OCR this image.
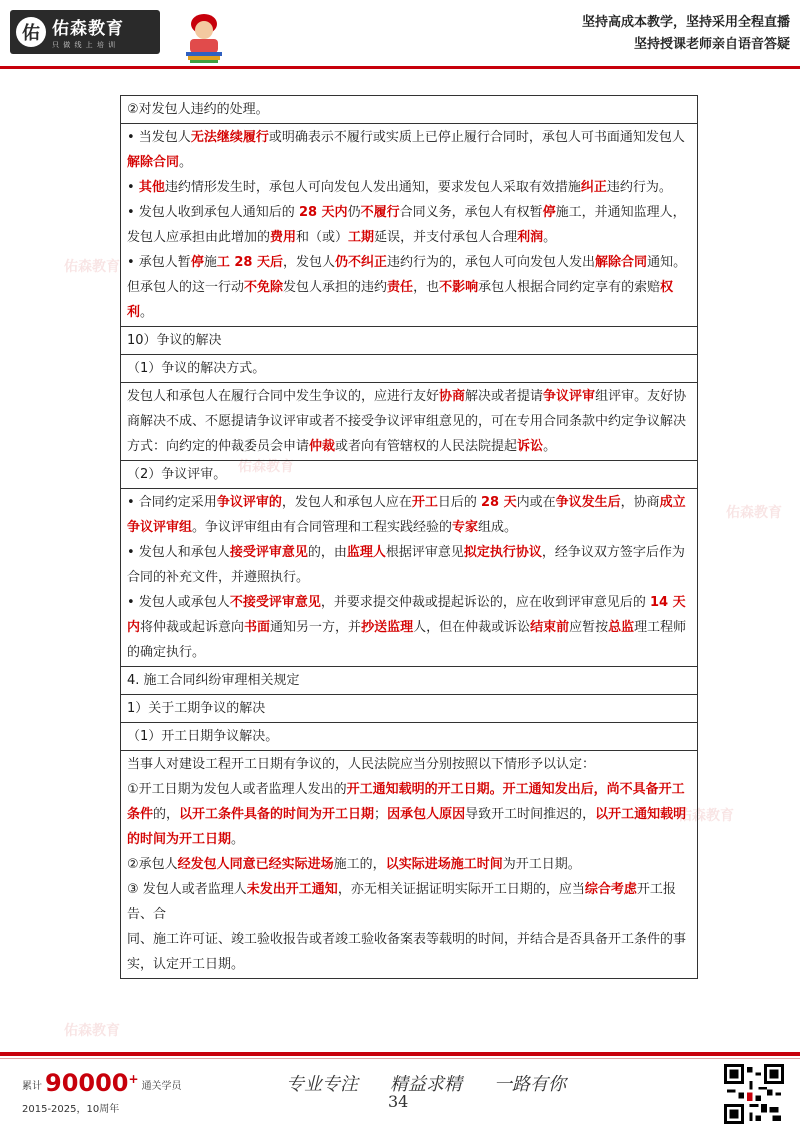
佑 佑森教育
只 做 线 上 培 训
坚持高成本教学，坚持采用全程直播
坚持授课老师亲自语音答疑
佑森教育
佑森教育
佑森教育
佑森教育
佑森教育
②对发包人违约的处理。

• 当发包人无法继续履行或明确表示不履行或实质上已停止履行合同时，承包人可书面通知发包人解除合同。
• 其他违约情形发生时，承包人可向发包人发出通知，要求发包人采取有效措施纠正违约行为。
• 发包人收到承包人通知后的 28 天内仍不履行合同义务，承包人有权暂停施工，并通知监理人，发包人应承担由此增加的费用和（或）工期延误，并支付承包人合理利润。
• 承包人暂停施工 28 天后，发包人仍不纠正违约行为的，承包人可向发包人发出解除合同通知。但承包人的这一行动不免除发包人承担的违约责任，也不影响承包人根据合同约定享有的索赔权利。

10）争议的解决
（1）争议的解决方式。

发包人和承包人在履行合同中发生争议的，应进行友好协商解决或者提请争议评审组评审。友好协商解决不成、不愿提请争议评审或者不接受争议评审组意见的，可在专用合同条款中约定争议解决方式：向约定的仲裁委员会申请仲裁或者向有管辖权的人民法院提起诉讼。

（2）争议评审。

• 合同约定采用争议评审的，发包人和承包人应在开工日后的 28 天内或在争议发生后，协商成立争议评审组。争议评审组由有合同管理和工程实践经验的专家组成。
• 发包人和承包人接受评审意见的，由监理人根据评审意见拟定执行协议，经争议双方签字后作为合同的补充文件，并遵照执行。
• 发包人或承包人不接受评审意见，并要求提交仲裁或提起诉讼的，应在收到评审意见后的 14 天内将仲裁或起诉意向书面通知另一方，并抄送监理人，但在仲裁或诉讼结束前应暂按总监理工程师的确定执行。

4. 施工合同纠纷审理相关规定
1）关于工期争议的解决
（1）开工日期争议解决。

当事人对建设工程开工日期有争议的，人民法院应当分别按照以下情形予以认定：
①开工日期为发包人或者监理人发出的开工通知载明的开工日期。开工通知发出后，尚不具备开工条件的，以开工条件具备的时间为开工日期；因承包人原因导致开工时间推迟的，以开工通知载明的时间为开工日期。
②承包人经发包人同意已经实际进场施工的，以实际进场施工时间为开工日期。
③ 发包人或者监理人未发出开工通知，亦无相关证据证明实际开工日期的，应当综合考虑开工报告、合
同、施工许可证、竣工验收报告或者竣工验收备案表等载明的时间，并结合是否具备开工条件的事实，认定开工日期。
累计 90000 +
通关学员
2015-2025，10周年
专业专注 精益求精 一路有你
34
